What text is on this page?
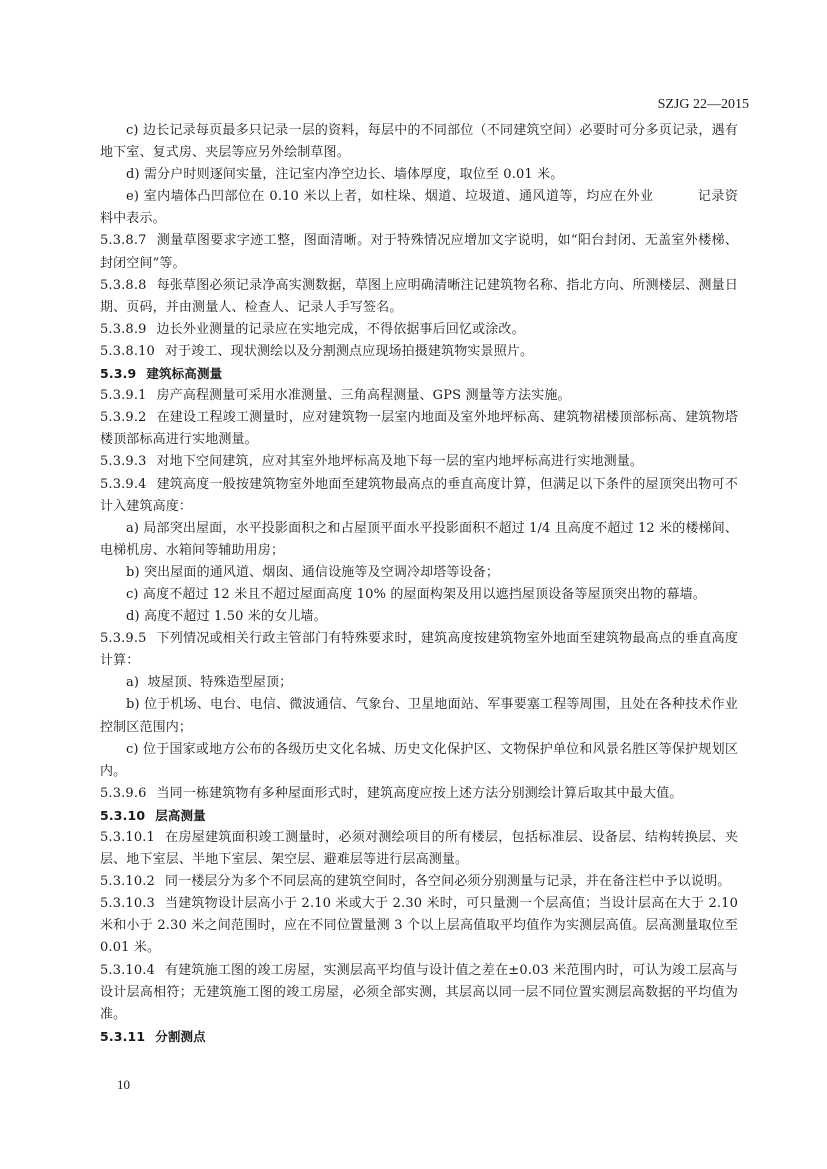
SZJG 22—2015

c) 边长记录每页最多只记录一层的资料，每层中的不同部位（不同建筑空间）必要时可分多页记录，遇有地下室、复式房、夹层等应另外绘制草图。

d) 需分户时则逐间实量，注记室内净空边长、墙体厚度，取位至 0.01 米。

e) 室内墙体凸凹部位在 0.10 米以上者，如柱垛、烟道、垃圾道、通风道等，均应在外业	记录资料中表示。

5.3.8.7 测量草图要求字迹工整，图面清晰。对于特殊情况应增加文字说明，如“阳台封闭、无盖室外楼梯、封闭空间”等。

5.3.8.8 每张草图必须记录净高实测数据，草图上应明确清晰注记建筑物名称、指北方向、所测楼层、测量日期、页码，并由测量人、检查人、记录人手写签名。

5.3.8.9 边长外业测量的记录应在实地完成，不得依据事后回忆或涂改。

5.3.8.10 对于竣工、现状测绘以及分割测点应现场拍摄建筑物实景照片。

5.3.9 建筑标高测量

5.3.9.1 房产高程测量可采用水准测量、三角高程测量、GPS 测量等方法实施。

5.3.9.2 在建设工程竣工测量时，应对建筑物一层室内地面及室外地坪标高、建筑物裙楼顶部标高、建筑物塔楼顶部标高进行实地测量。

5.3.9.3 对地下空间建筑，应对其室外地坪标高及地下每一层的室内地坪标高进行实地测量。

5.3.9.4 建筑高度一般按建筑物室外地面至建筑物最高点的垂直高度计算，但满足以下条件的屋顶突出物可不计入建筑高度：

a) 局部突出屋面，水平投影面积之和占屋顶平面水平投影面积不超过 1/4 且高度不超过 12 米的楼梯间、电梯机房、水箱间等辅助用房；

b) 突出屋面的通风道、烟囱、通信设施等及空调冷却塔等设备；

c) 高度不超过 12 米且不超过屋面高度 10% 的屋面构架及用以遮挡屋顶设备等屋顶突出物的幕墙。

d) 高度不超过 1.50 米的女儿墙。

5.3.9.5 下列情况或相关行政主管部门有特殊要求时，建筑高度按建筑物室外地面至建筑物最高点的垂直高度计算：

a)  坡屋顶、特殊造型屋顶；

b) 位于机场、电台、电信、微波通信、气象台、卫星地面站、军事要塞工程等周围，且处在各种技术作业控制区范围内；

c) 位于国家或地方公布的各级历史文化名城、历史文化保护区、文物保护单位和风景名胜区等保护规划区内。

5.3.9.6 当同一栋建筑物有多种屋面形式时，建筑高度应按上述方法分别测绘计算后取其中最大值。

5.3.10 层高测量

5.3.10.1 在房屋建筑面积竣工测量时，必须对测绘项目的所有楼层，包括标准层、设备层、结构转换层、夹层、地下室层、半地下室层、架空层、避难层等进行层高测量。

5.3.10.2 同一楼层分为多个不同层高的建筑空间时，各空间必须分别测量与记录，并在备注栏中予以说明。

5.3.10.3 当建筑物设计层高小于 2.10 米或大于 2.30 米时，可只量测一个层高值；当设计层高在大于 2.10 米和小于 2.30 米之间范围时，应在不同位置量测 3 个以上层高值取平均值作为实测层高值。层高测量取位至 0.01 米。

5.3.10.4 有建筑施工图的竣工房屋，实测层高平均值与设计值之差在±0.03 米范围内时，可认为竣工层高与设计层高相符；无建筑施工图的竣工房屋，必须全部实测，其层高以同一层不同位置实测层高数据的平均值为准。

5.3.11 分割测点

10
